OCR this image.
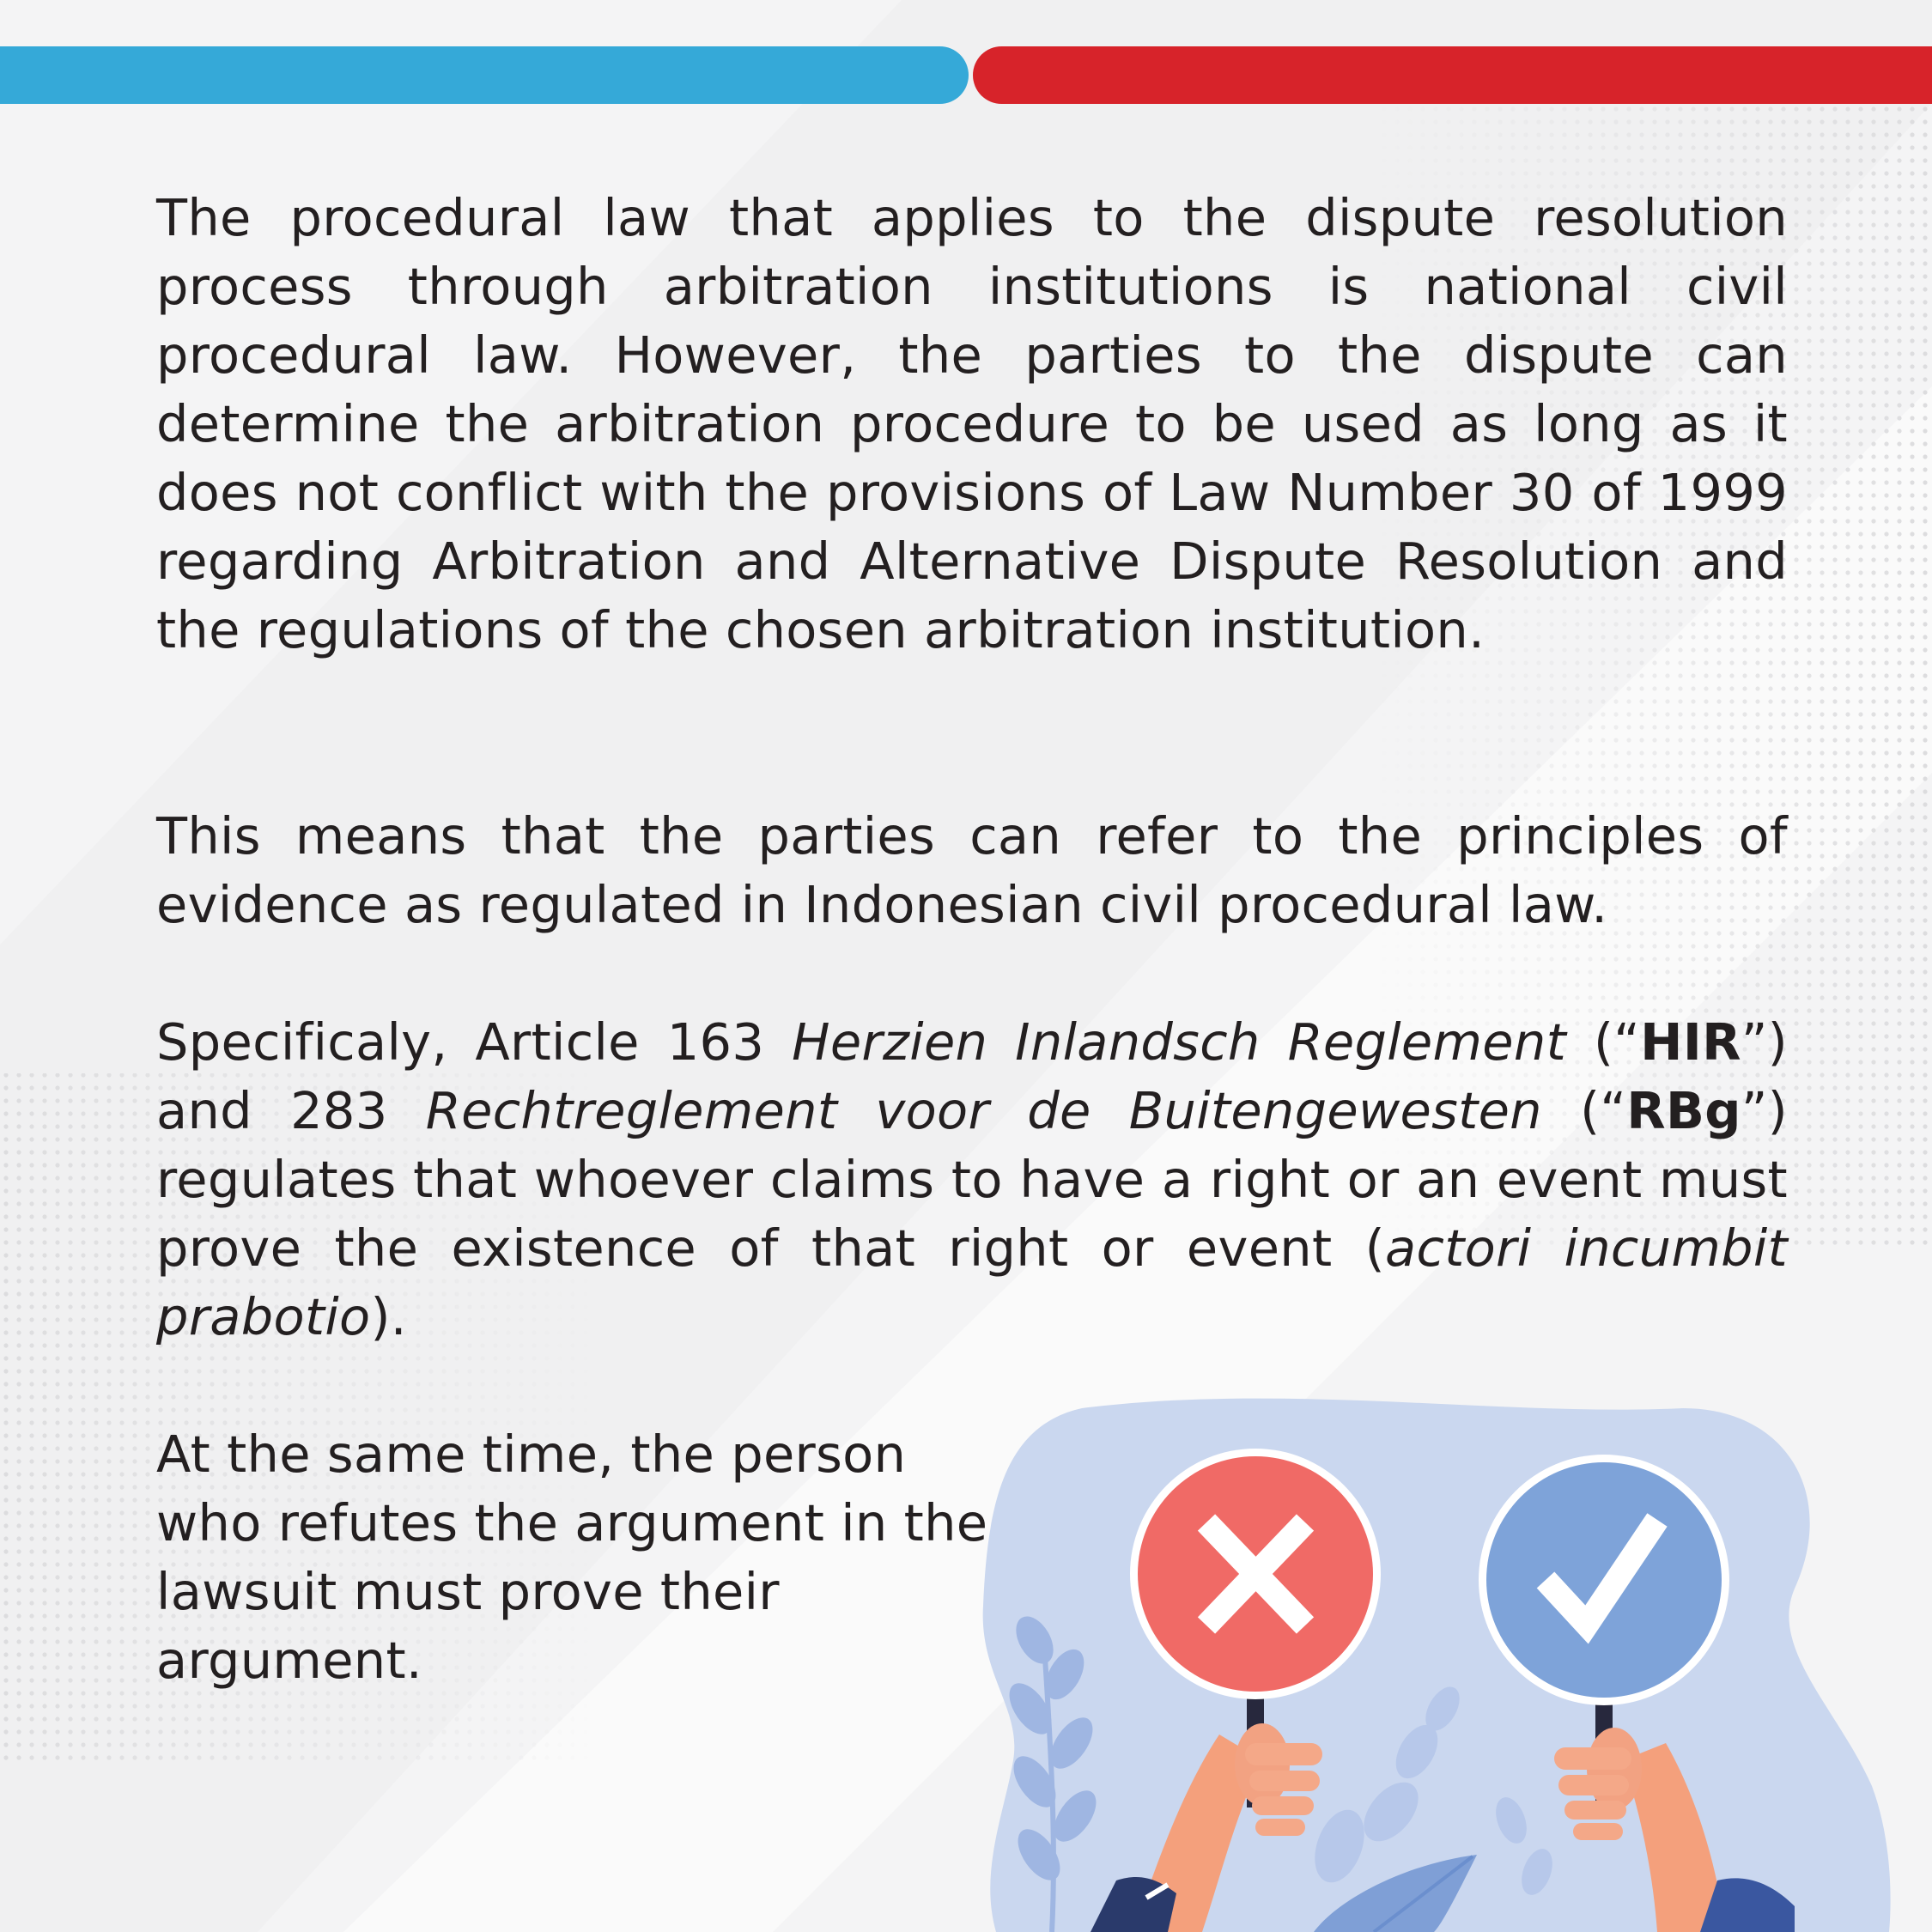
The procedural law that applies to the dispute resolution process through arbitration institutions is national civil procedural law. However, the parties to the dispute can determine the arbitration procedure to be used as long as it does not conflict with the provisions of Law Number 30 of 1999 regarding Arbitration and Alternative Dispute Resolution and the regulations of the chosen arbitration institution.

This means that the parties can refer to the principles of evidence as regulated in Indonesian civil procedural law.

Specificaly, Article 163 Herzien Inlandsch Reglement (“HIR”) and 283 Rechtreglement voor de Buitengewesten (“RBg”) regulates that whoever claims to have a right or an event must prove the existence of that right or event (actori incumbit prabotio).

At the same time, the person who refutes the argument in the lawsuit must prove their argument.
